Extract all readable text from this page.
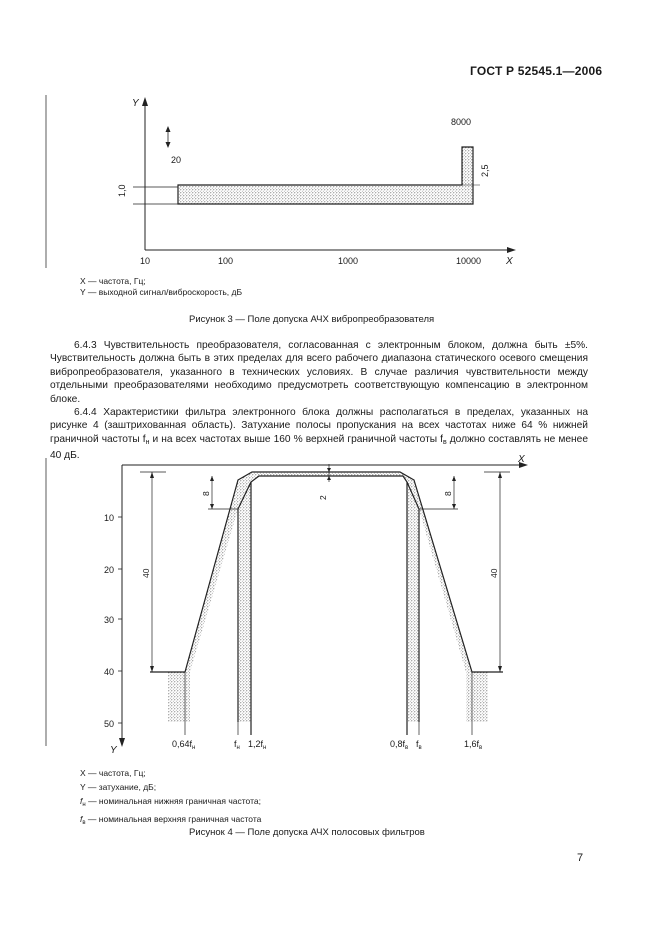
ГОСТ Р 52545.1—2006
Y
X
10	100	1000	10000
1,0
2,5
8000
20
X — частота, Гц;
Y — выходной сигнал/виброскорость, дБ
Рисунок 3 — Поле допуска АЧХ вибропреобразователя
6.4.3 Чувствительность преобразователя, согласованная с электронным блоком, должна быть ±5%. Чувствительность должна быть в этих пределах для всего рабочего диапазона статического осевого смещения вибропреобразователя, указанного в технических условиях. В случае различия чувствительности между отдельными преобразователями необходимо предусмотреть соответствующую компенсацию в электронном блоке.
6.4.4 Характеристики фильтра электронного блока должны располагаться в пределах, указанных на рисунке 4 (заштрихованная область). Затухание полосы пропускания на всех частотах ниже 64 % нижней граничной частоты $f_н$ и на всех частотах выше 160 % верхней граничной частоты $f_в$ должно составлять не менее 40 дБ.	X
Y
10
20
30
40
50
8	8
2
40	40
$0,64f_н$	$f_н$ $1,2f_н$	$0,8f_в$ $f_в$	$1,6f_в$
X — частота, Гц;
Y — затухание, дБ;
$f_н$ — номинальная нижняя граничная частота;
$f_в$ — номинальная верхняя граничная частота
Рисунок 4 — Поле допуска АЧХ полосовых фильтров
7
